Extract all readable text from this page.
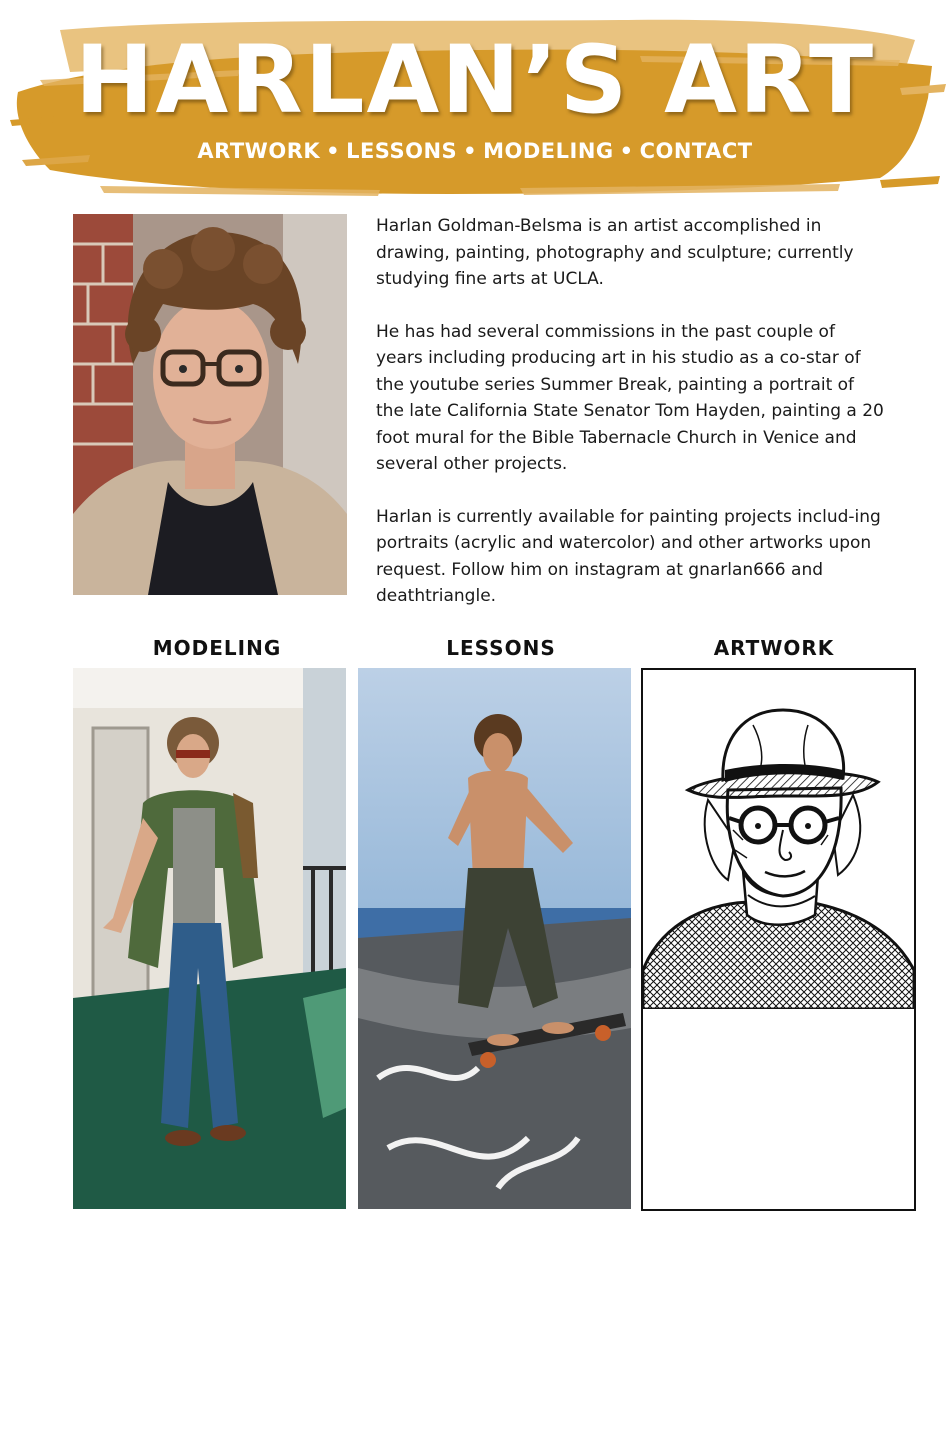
HARLAN’S ART
ARTWORK • LESSONS • MODELING • CONTACT

Harlan Goldman-Belsma is an artist accomplished in drawing, painting, photography and sculpture; currently studying fine arts at UCLA.

He has had several commissions in the past couple of years including producing art in his studio as a co-star of the youtube series Summer Break, painting a portrait of the late California State Senator Tom Hayden, painting a 20 foot mural for the Bible Tabernacle Church in Venice and several other projects.

Harlan is currently available for painting projects includ-ing portraits (acrylic and watercolor) and other artworks upon request. Follow him on instagram at gnarlan666 and deathtriangle.

MODELING	LESSONS	ARTWORK
